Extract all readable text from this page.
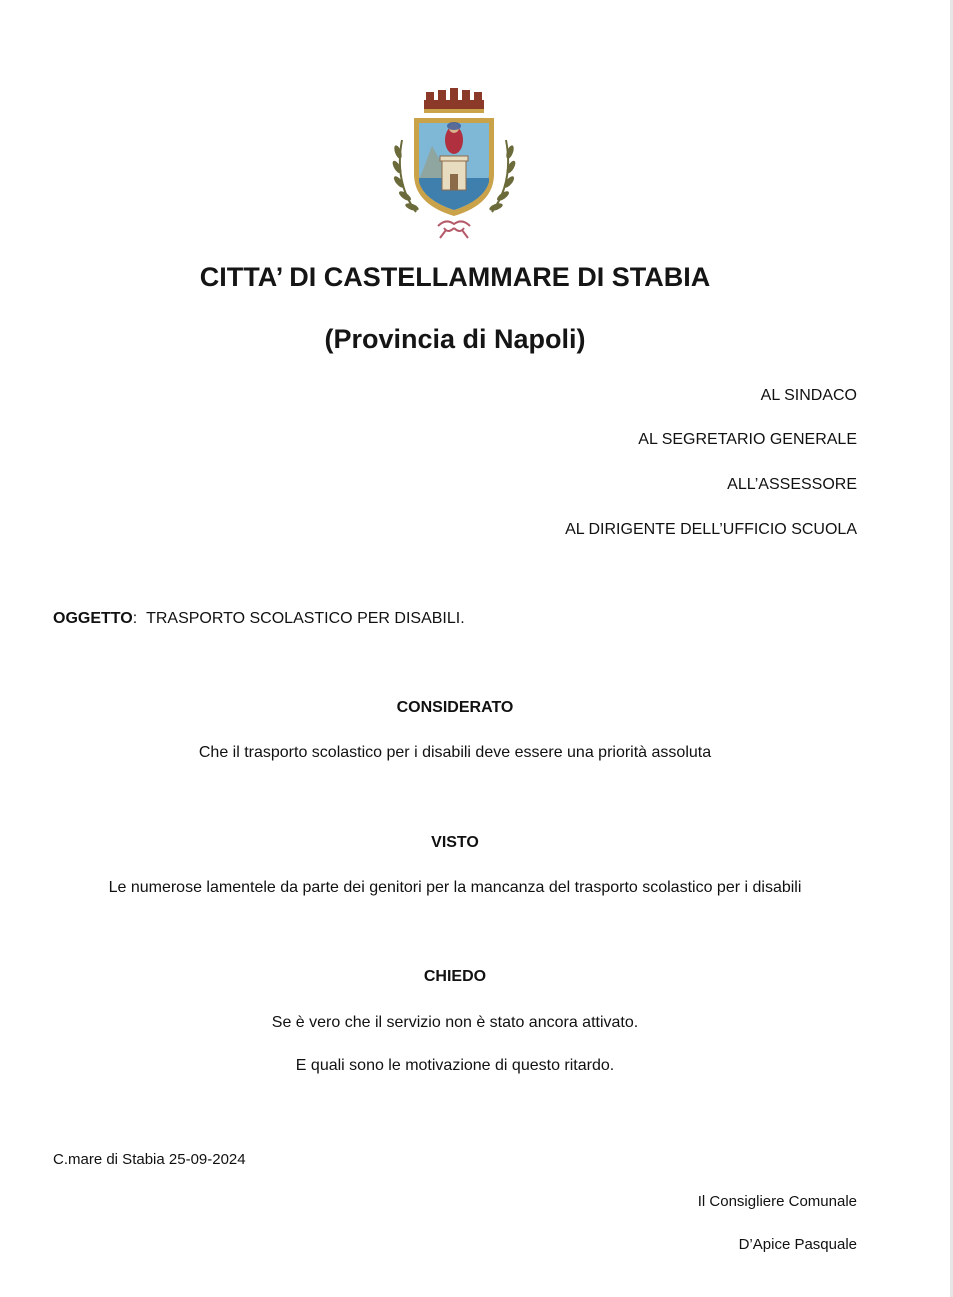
CITTA’ DI CASTELLAMMARE DI STABIA
(Provincia di Napoli)
AL SINDACO
AL SEGRETARIO GENERALE
ALL’ASSESSORE
AL DIRIGENTE DELL’UFFICIO SCUOLA
OGGETTO: TRASPORTO SCOLASTICO PER DISABILI.
CONSIDERATO
Che il trasporto scolastico per i disabili deve essere una priorità assoluta
VISTO
Le numerose lamentele da parte dei genitori per la mancanza del trasporto scolastico per i disabili
CHIEDO
Se è vero che il servizio non è stato ancora attivato.
E quali sono le motivazione di questo ritardo.
C.mare di Stabia 25-09-2024
Il Consigliere Comunale
D’Apice Pasquale
